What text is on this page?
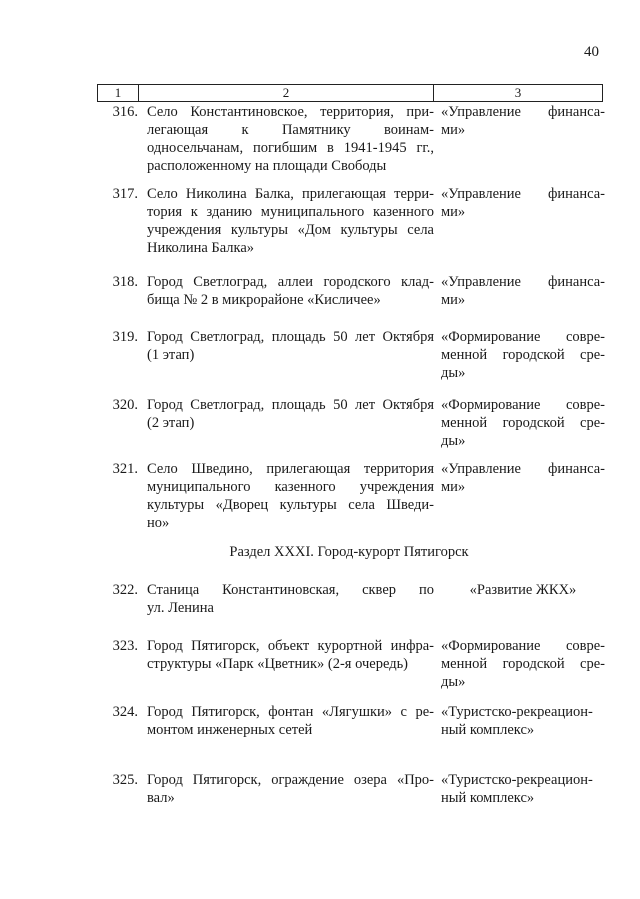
40
1	2	3
316. Село Константиновское, территория, при-
легающая к Памятнику воинам-
односельчанам, погибшим в 1941-1945 гг.,
расположенному на площади Свободы
«Управление финанса-
ми»
317. Село Николина Балка, прилегающая терри-
тория к зданию муниципального казенного
учреждения культуры «Дом культуры села
Николина Балка»
«Управление финанса-
ми»
318. Город Светлоград, аллеи городского клад-
бища № 2 в микрорайоне «Кисличее»
«Управление финанса-
ми»
319. Город Светлоград, площадь 50 лет Октября
(1 этап)
«Формирование совре-
менной городской сре-
ды»
320. Город Светлоград, площадь 50 лет Октября
(2 этап)
«Формирование совре-
менной городской сре-
ды»
321. Село Шведино, прилегающая территория
муниципального казенного учреждения
культуры «Дворец культуры села Шведи-
но»
«Управление финанса-
ми»
Раздел XXXI. Город-курорт Пятигорск
322. Станица Константиновская, сквер по
ул. Ленина
«Развитие ЖКХ»
323. Город Пятигорск, объект курортной инфра-
структуры «Парк «Цветник» (2-я очередь)
«Формирование совре-
менной городской сре-
ды»
324. Город Пятигорск, фонтан «Лягушки» с ре-
монтом инженерных сетей
«Туристско-рекреацион-
ный комплекс»
325. Город Пятигорск, ограждение озера «Про-
вал»
«Туристско-рекреацион-
ный комплекс»
